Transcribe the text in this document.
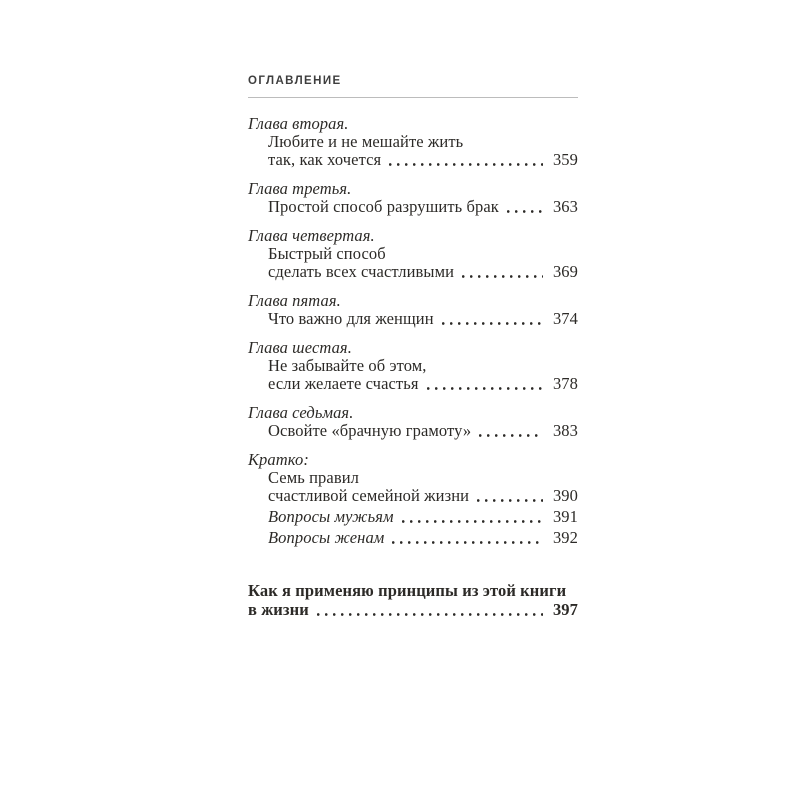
ОГЛАВЛЕНИЕ
Глава вторая.
Любите и не мешайте жить
так, как хочется	359
Глава третья.
Простой способ разрушить брак	363
Глава четвертая.
Быстрый способ
сделать всех счастливыми	369
Глава пятая.
Что важно для женщин	374
Глава шестая.
Не забывайте об этом,
если желаете счастья	378
Глава седьмая.
Освойте «брачную грамоту»	383
Кратко:
Семь правил
счастливой семейной жизни	390
Вопросы мужьям	391
Вопросы женам	392
Как я применяю принципы из этой книги
в жизни	397
